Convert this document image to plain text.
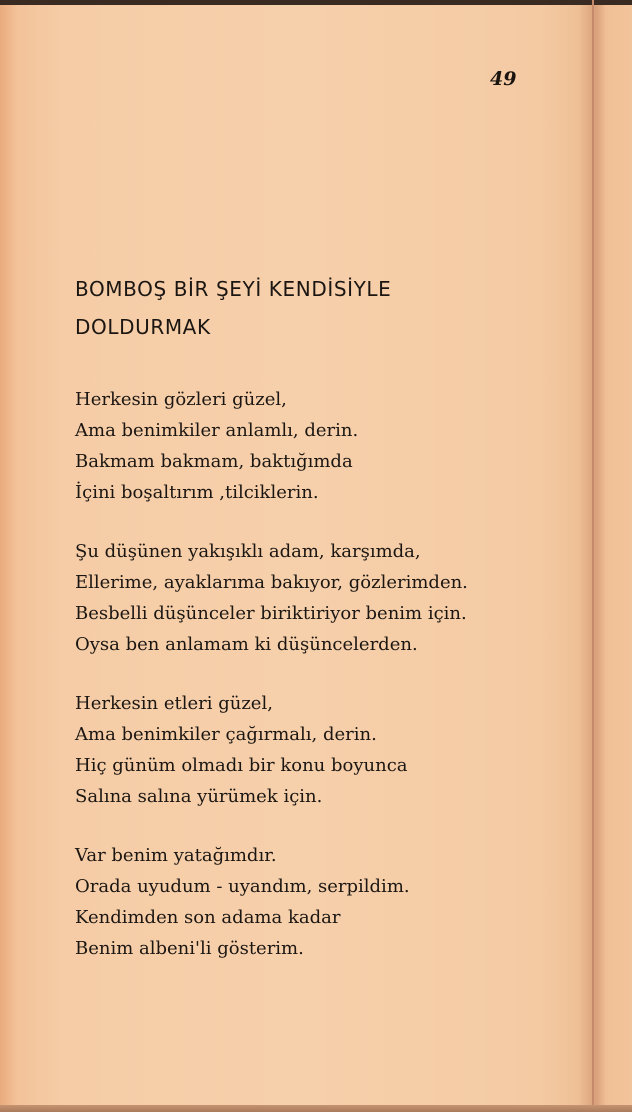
49
BOMBOŞ BİR ŞEYİ KENDİSİYLE
DOLDURMAK
Herkesin gözleri güzel,
Ama benimkiler anlamlı, derin.
Bakmam bakmam, baktığımda
İçini boşaltırım ,tilciklerin.
Şu düşünen yakışıklı adam, karşımda,
Ellerime, ayaklarıma bakıyor, gözlerimden.
Besbelli düşünceler biriktiriyor benim için.
Oysa ben anlamam ki düşüncelerden.
Herkesin etleri güzel,
Ama benimkiler çağırmalı, derin.
Hiç günüm olmadı bir konu boyunca
Salına salına yürümek için.
Var benim yatağımdır.
Orada uyudum - uyandım, serpildim.
Kendimden son adama kadar
Benim albeni'li gösterim.
